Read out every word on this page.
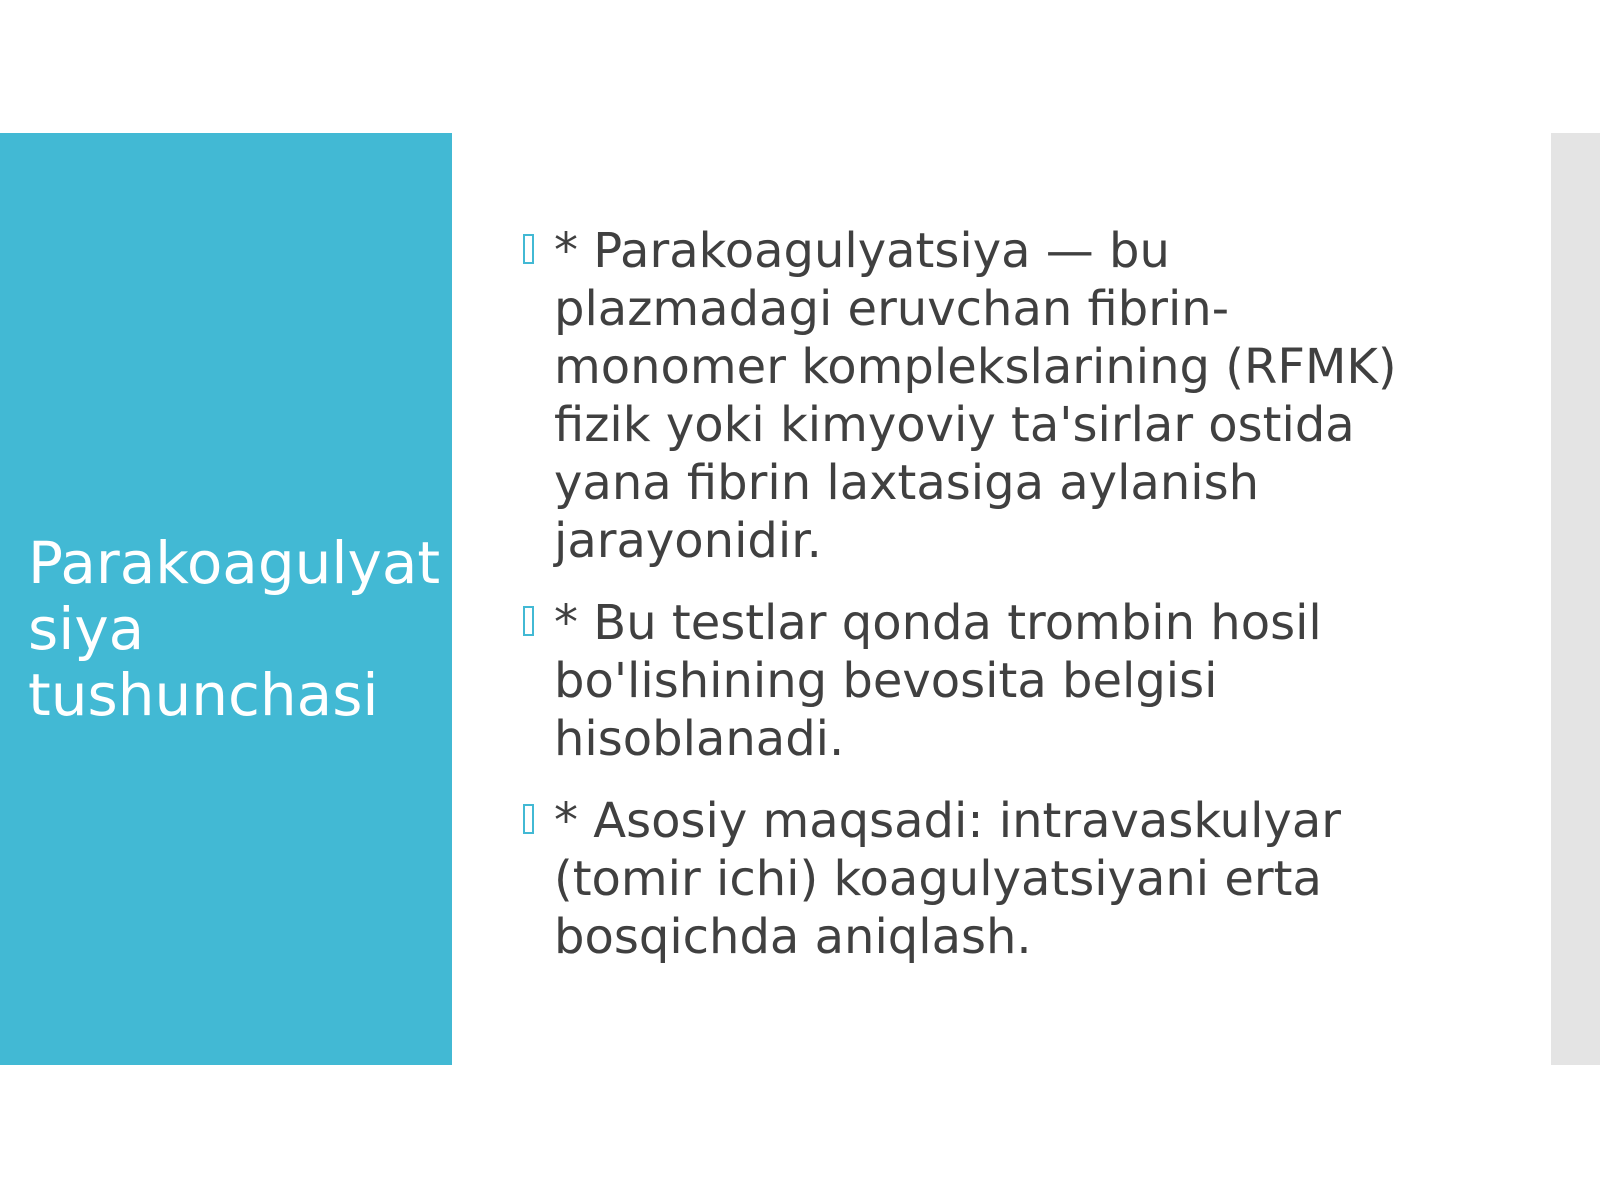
Parakoagulyat
siya
tushunchasi
* Parakoagulyatsiya — bu
plazmadagi eruvchan fibrin-
monomer komplekslarining (RFMK)
fizik yoki kimyoviy ta'sirlar ostida
yana fibrin laxtasiga aylanish
jarayonidir.
* Bu testlar qonda trombin hosil
bo'lishining bevosita belgisi
hisoblanadi.
* Asosiy maqsadi: intravaskulyar
(tomir ichi) koagulyatsiyani erta
bosqichda aniqlash.
